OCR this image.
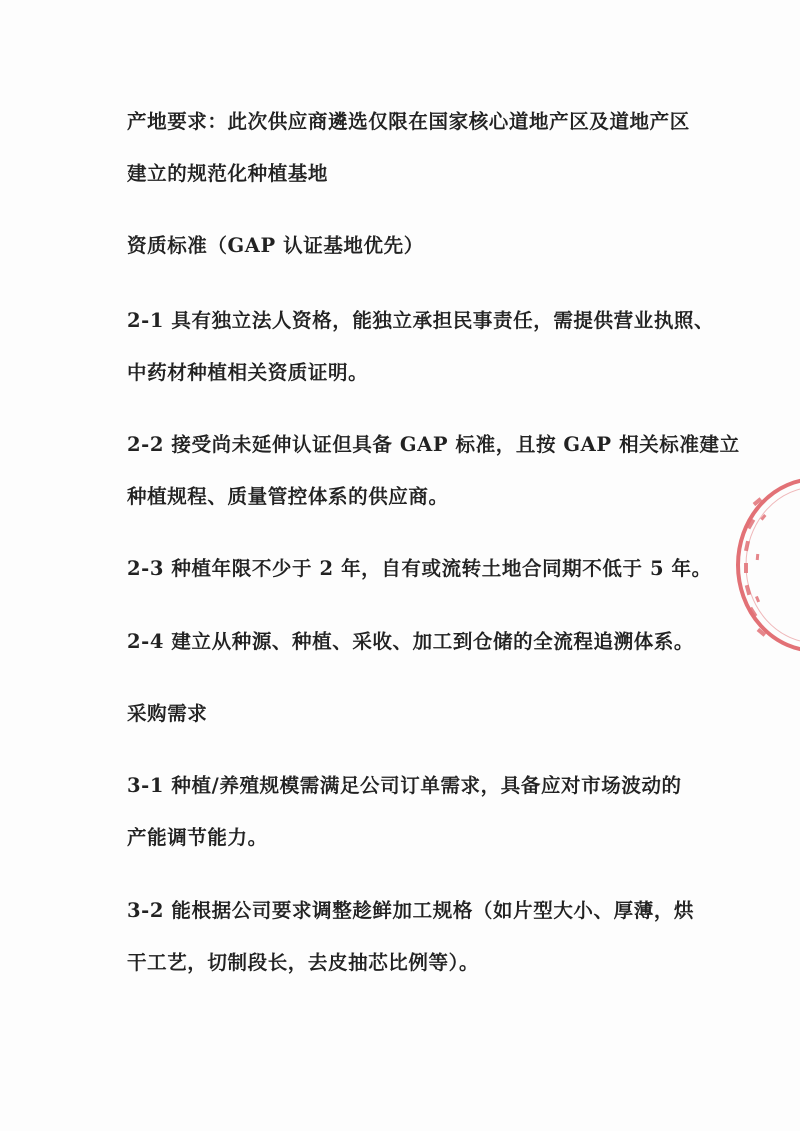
产地要求：此次供应商遴选仅限在国家核心道地产区及道地产区
建立的规范化种植基地
资质标准（GAP 认证基地优先）
2-1 具有独立法人资格，能独立承担民事责任，需提供营业执照、
中药材种植相关资质证明。
2-2 接受尚未延伸认证但具备 GAP 标准，且按 GAP 相关标准建立
种植规程、质量管控体系的供应商。
2-3 种植年限不少于 2 年，自有或流转土地合同期不低于 5 年。
2-4 建立从种源、种植、采收、加工到仓储的全流程追溯体系。
采购需求
3-1 种植/养殖规模需满足公司订单需求，具备应对市场波动的
产能调节能力。
3-2 能根据公司要求调整趁鲜加工规格（如片型大小、厚薄，烘
干工艺，切制段长，去皮抽芯比例等）。
